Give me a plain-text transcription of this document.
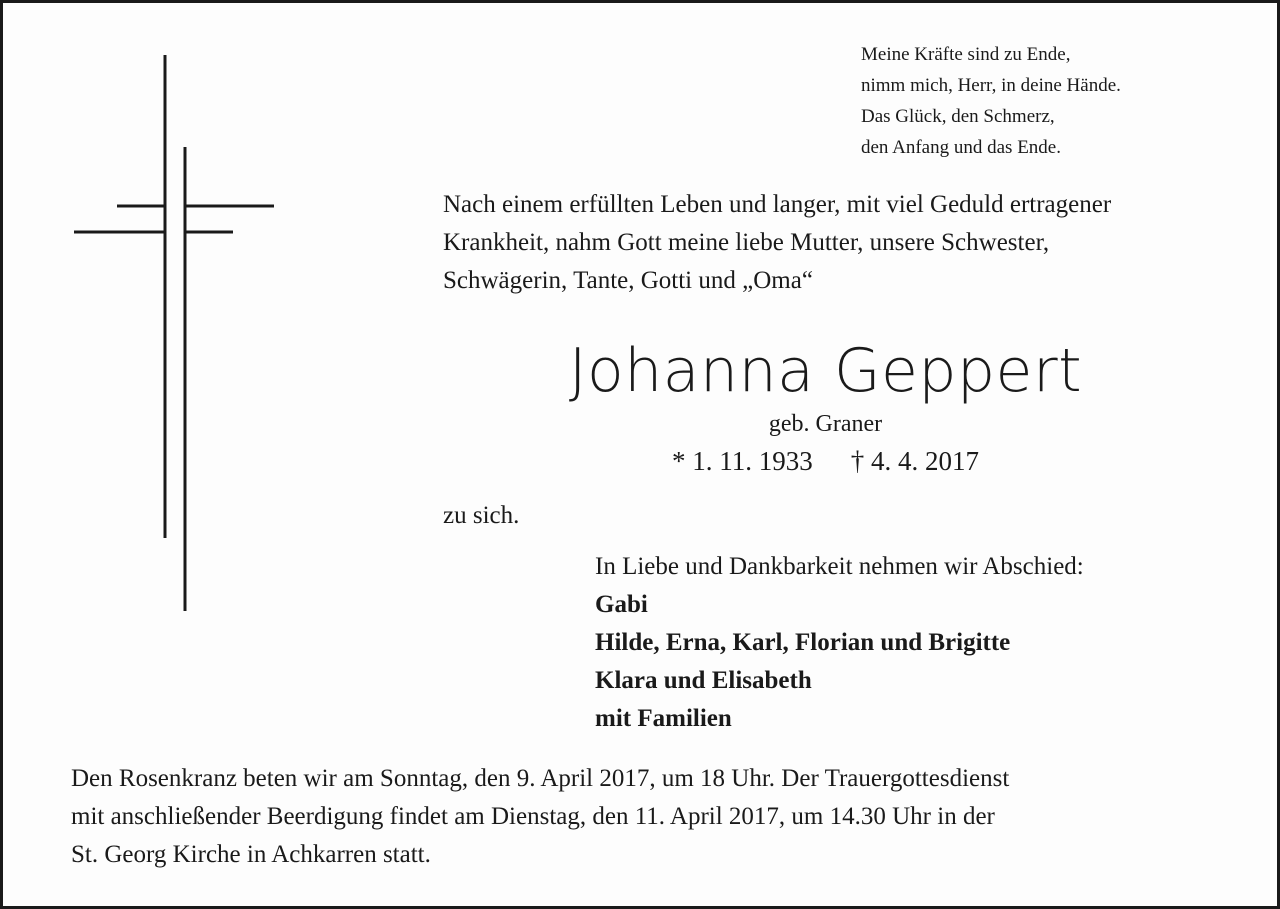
Meine Kräfte sind zu Ende,
nimm mich, Herr, in deine Hände.
Das Glück, den Schmerz,
den Anfang und das Ende.
Nach einem erfüllten Leben und langer, mit viel Geduld ertragener
Krankheit, nahm Gott meine liebe Mutter, unsere Schwester,
Schwägerin, Tante, Gotti und „Oma“
Johanna Geppert
geb. Graner
* 1. 11. 1933 † 4. 4. 2017
zu sich.
In Liebe und Dankbarkeit nehmen wir Abschied:
Gabi
Hilde, Erna, Karl, Florian und Brigitte
Klara und Elisabeth
mit Familien
Den Rosenkranz beten wir am Sonntag, den 9. April 2017, um 18 Uhr. Der Trauergottesdienst
mit anschließender Beerdigung findet am Dienstag, den 11. April 2017, um 14.30 Uhr in der
St. Georg Kirche in Achkarren statt.
